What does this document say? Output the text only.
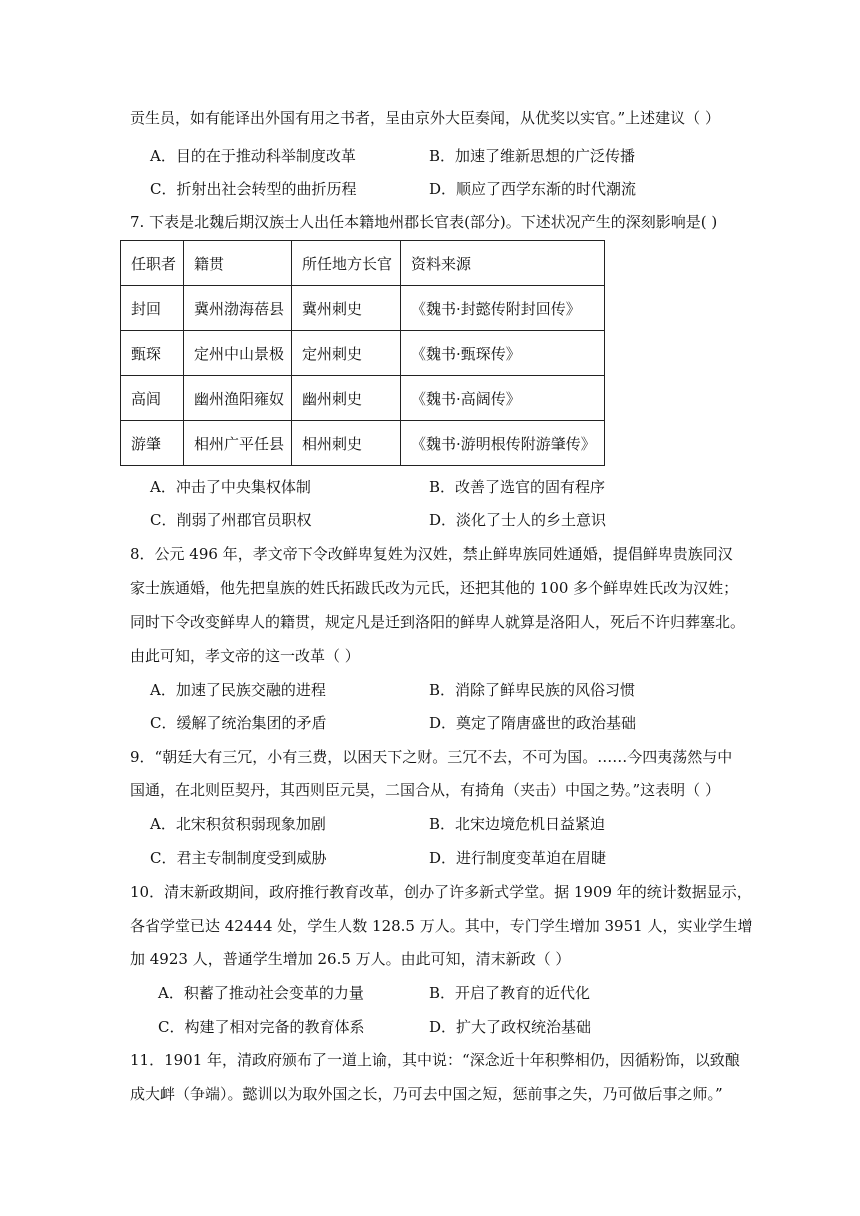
贡生员，如有能译出外国有用之书者，呈由京外大臣奏闻，从优奖以实官。”上述建议（ ）
A．目的在于推动科举制度改革	B．加速了维新思想的广泛传播
C．折射出社会转型的曲折历程	D．顺应了西学东渐的时代潮流
7. 下表是北魏后期汉族士人出任本籍地州郡长官表(部分)。下述状况产生的深刻影响是( )
任职者	籍贯	所任地方长官	资料来源
封回	冀州渤海蓓县	冀州刺史	《魏书·封懿传附封回传》
甄琛	定州中山景极	定州刺史	《魏书·甄琛传》
高闾	幽州渔阳雍奴	幽州刺史	《魏书·高阔传》
游肇	相州广平任县	相州刺史	《魏书·游明根传附游肇传》
A．冲击了中央集权体制	B．改善了选官的固有程序
C．削弱了州郡官员职权	D．淡化了士人的乡土意识
8．公元 496 年，孝文帝下令改鲜卑复姓为汉姓，禁止鲜卑族同姓通婚，提倡鲜卑贵族同汉
家士族通婚，他先把皇族的姓氏拓跋氏改为元氏，还把其他的 100 多个鲜卑姓氏改为汉姓；
同时下令改变鲜卑人的籍贯，规定凡是迁到洛阳的鲜卑人就算是洛阳人，死后不许归葬塞北。
由此可知，孝文帝的这一改革（ ）
A．加速了民族交融的进程	B．消除了鲜卑民族的风俗习惯
C．缓解了统治集团的矛盾	D．奠定了隋唐盛世的政治基础
9．“朝廷大有三冗，小有三费，以困天下之财。三冗不去，不可为国。……今四夷荡然与中
国通，在北则臣契丹，其西则臣元昊，二国合从，有掎角（夹击）中国之势。”这表明（ ）
A．北宋积贫积弱现象加剧	B．北宋边境危机日益紧迫
C．君主专制制度受到威胁	D．进行制度变革迫在眉睫
10．清末新政期间，政府推行教育改革，创办了许多新式学堂。据 1909 年的统计数据显示，
各省学堂已达 42444 处，学生人数 128.5 万人。其中，专门学生增加 3951 人，实业学生增
加 4923 人，普通学生增加 26.5 万人。由此可知，清末新政（ ）
A．积蓄了推动社会变革的力量	B．开启了教育的近代化
C．构建了相对完备的教育体系	D．扩大了政权统治基础
11．1901 年，清政府颁布了一道上谕，其中说：“深念近十年积弊相仍，因循粉饰，以致酿
成大衅（争端）。懿训以为取外国之长，乃可去中国之短，惩前事之失，乃可做后事之师。”
